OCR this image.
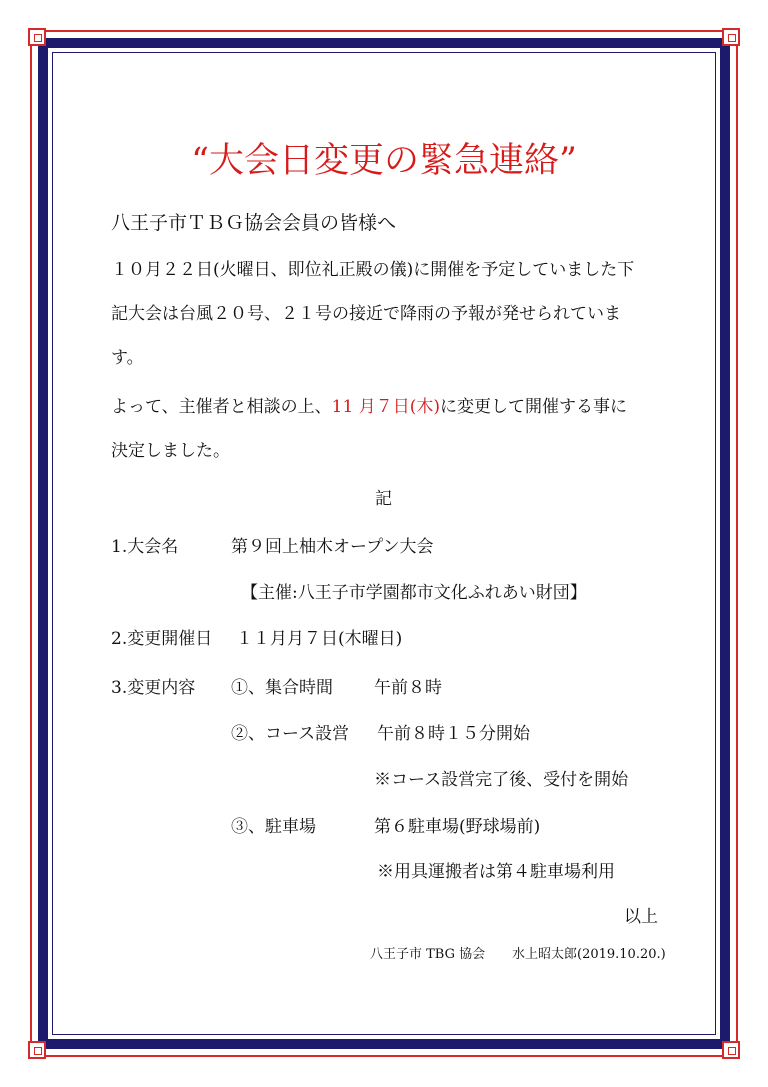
“大会日変更の緊急連絡”
八王子市ＴＢＧ協会会員の皆様へ
１０月２２日(火曜日、即位礼正殿の儀)に開催を予定していました下
記大会は台風２０号、２１号の接近で降雨の予報が発せられていま
す。
よって、主催者と相談の上、11 月７日(木)に変更して開催する事に
決定しました。
記
1.大会名	第９回上柚木オープン大会
【主催:八王子市学園都市文化ふれあい財団】
2.変更開催日 １１月月７日(木曜日)
3.変更内容 ①、集合時間 午前８時
②、コース設営 午前８時１５分開始
※コース設営完了後、受付を開始
③、駐車場	第６駐車場(野球場前)
※用具運搬者は第４駐車場利用
以上
八王子市 TBG 協会 水上昭太郎(2019.10.20.)
